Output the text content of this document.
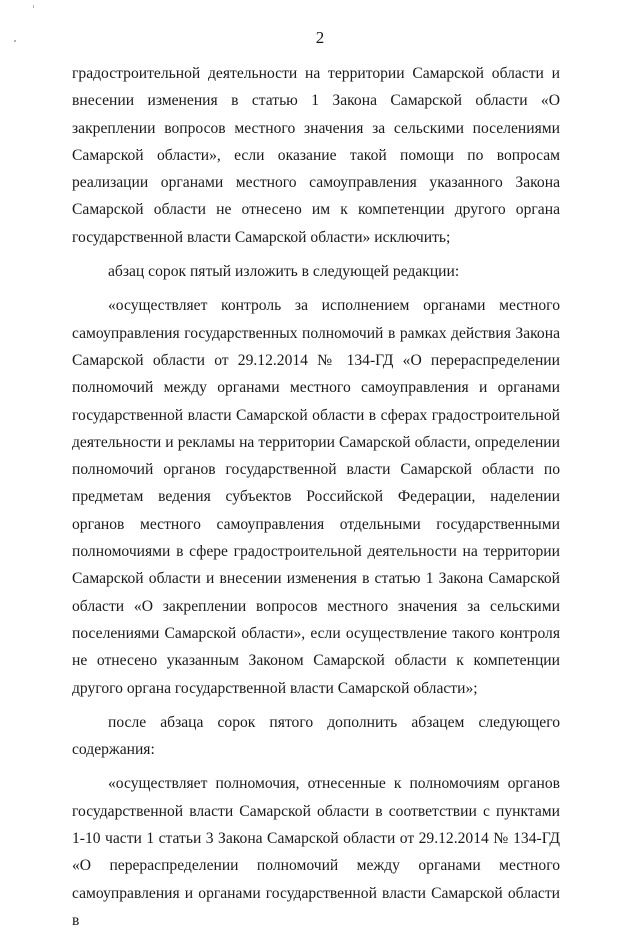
2

градостроительной деятельности на территории Самарской области и внесении изменения в статью 1 Закона Самарской области «О закреплении вопросов местного значения за сельскими поселениями Самарской области», если оказание такой помощи по вопросам реализации органами местного самоуправления указанного Закона Самарской области не отнесено им к компетенции другого органа государственной власти Самарской области» исключить;

абзац сорок пятый изложить в следующей редакции:

«осуществляет контроль за исполнением органами местного самоуправления государственных полномочий в рамках действия Закона Самарской области от 29.12.2014 № 134-ГД «О перераспределении полномочий между органами местного самоуправления и органами государственной власти Самарской области в сферах градостроительной деятельности и рекламы на территории Самарской области, определении полномочий органов государственной власти Самарской области по предметам ведения субъектов Российской Федерации, наделении органов местного самоуправления отдельными государственными полномочиями в сфере градостроительной деятельности на территории Самарской области и внесении изменения в статью 1 Закона Самарской области «О закреплении вопросов местного значения за сельскими поселениями Самарской области», если осуществление такого контроля не отнесено указанным Законом Самарской области к компетенции другого органа государственной власти Самарской области»;

после абзаца сорок пятого дополнить абзацем следующего содержания:

«осуществляет полномочия, отнесенные к полномочиям органов государственной власти Самарской области в соответствии с пунктами 1-10 части 1 статьи 3 Закона Самарской области от 29.12.2014 № 134-ГД «О перераспределении полномочий между органами местного самоуправления и органами государственной власти Самарской области в
